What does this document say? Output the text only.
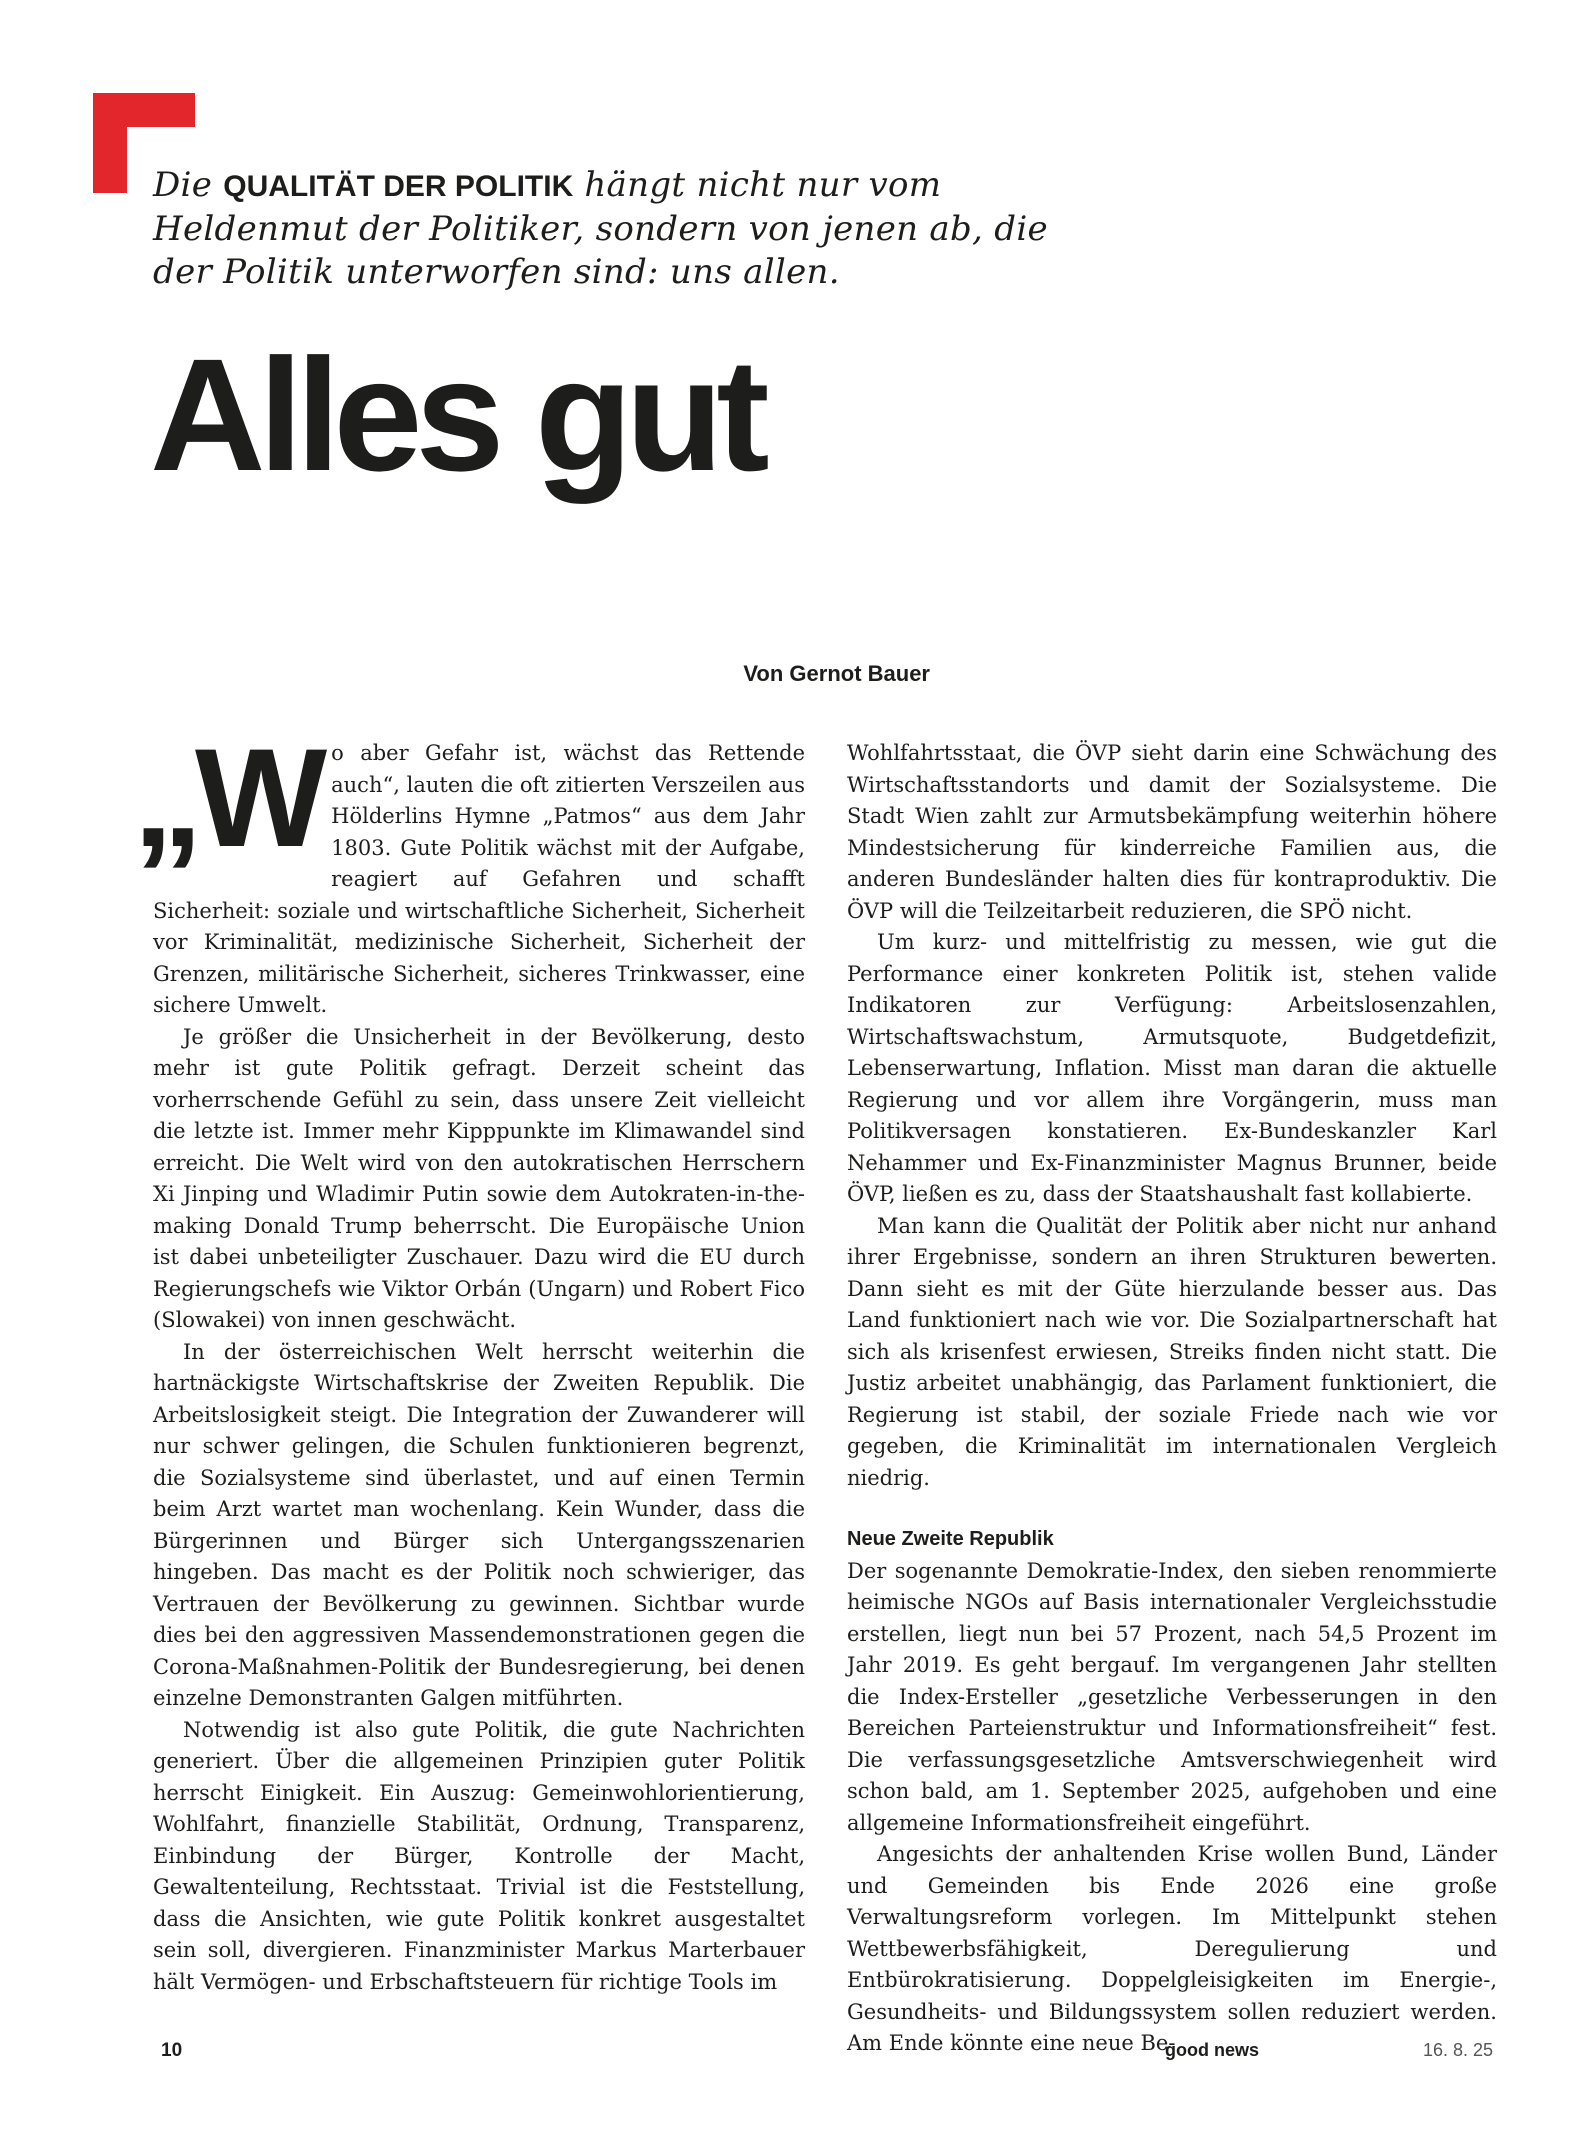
Die QUALITÄT DER POLITIK hängt nicht nur vom Heldenmut der Politiker, sondern von jenen ab, die der Politik unterworfen sind: uns allen.

Alles gut
Von Gernot Bauer

„Wo aber Gefahr ist, wächst das Rettende auch“, lauten die oft zitierten Verszeilen aus Hölderlins Hymne „Patmos“ aus dem Jahr 1803. Gute Politik wächst mit der Aufgabe, reagiert auf Gefahren und schafft Sicherheit: soziale und wirtschaftliche Sicherheit, Sicherheit vor Kriminalität, medizinische Sicherheit, Sicherheit der Grenzen, militärische Sicherheit, sicheres Trinkwasser, eine sichere Umwelt.

Je größer die Unsicherheit in der Bevölkerung, desto mehr ist gute Politik gefragt. Derzeit scheint das vorherrschende Gefühl zu sein, dass unsere Zeit vielleicht die letzte ist. Immer mehr Kipppunkte im Klimawandel sind erreicht. Die Welt wird von den autokratischen Herrschern Xi Jinping und Wladimir Putin sowie dem Autokraten-in-the-making Donald Trump beherrscht. Die Europäische Union ist dabei unbeteiligter Zuschauer. Dazu wird die EU durch Regierungschefs wie Viktor Orbán (Ungarn) und Robert Fico (Slowakei) von innen geschwächt.

In der österreichischen Welt herrscht weiterhin die hartnäckigste Wirtschaftskrise der Zweiten Republik. Die Arbeitslosigkeit steigt. Die Integration der Zuwanderer will nur schwer gelingen, die Schulen funktionieren begrenzt, die Sozialsysteme sind überlastet, und auf einen Termin beim Arzt wartet man wochenlang. Kein Wunder, dass die Bürgerinnen und Bürger sich Untergangsszenarien hingeben. Das macht es der Politik noch schwieriger, das Vertrauen der Bevölkerung zu gewinnen. Sichtbar wurde dies bei den aggressiven Massendemonstrationen gegen die Corona-Maßnahmen-Politik der Bundesregierung, bei denen einzelne Demonstranten Galgen mitführten.

Notwendig ist also gute Politik, die gute Nachrichten generiert. Über die allgemeinen Prinzipien guter Politik herrscht Einigkeit. Ein Auszug: Gemeinwohlorientierung, Wohlfahrt, finanzielle Stabilität, Ordnung, Transparenz, Einbindung der Bürger, Kontrolle der Macht, Gewaltenteilung, Rechtsstaat. Trivial ist die Feststellung, dass die Ansichten, wie gute Politik konkret ausgestaltet sein soll, divergieren. Finanzminister Markus Marterbauer hält Vermögen- und Erbschaftsteuern für richtige Tools im

Wohlfahrtsstaat, die ÖVP sieht darin eine Schwächung des Wirtschaftsstandorts und damit der Sozialsysteme. Die Stadt Wien zahlt zur Armutsbekämpfung weiterhin höhere Mindestsicherung für kinderreiche Familien aus, die anderen Bundesländer halten dies für kontraproduktiv. Die ÖVP will die Teilzeitarbeit reduzieren, die SPÖ nicht.

Um kurz- und mittelfristig zu messen, wie gut die Performance einer konkreten Politik ist, stehen valide Indikatoren zur Verfügung: Arbeitslosenzahlen, Wirtschaftswachstum, Armutsquote, Budgetdefizit, Lebenserwartung, Inflation. Misst man daran die aktuelle Regierung und vor allem ihre Vorgängerin, muss man Politikversagen konstatieren. Ex-Bundeskanzler Karl Nehammer und Ex-Finanzminister Magnus Brunner, beide ÖVP, ließen es zu, dass der Staatshaushalt fast kollabierte.

Man kann die Qualität der Politik aber nicht nur anhand ihrer Ergebnisse, sondern an ihren Strukturen bewerten. Dann sieht es mit der Güte hierzulande besser aus. Das Land funktioniert nach wie vor. Die Sozialpartnerschaft hat sich als krisenfest erwiesen, Streiks finden nicht statt. Die Justiz arbeitet unabhängig, das Parlament funktioniert, die Regierung ist stabil, der soziale Friede nach wie vor gegeben, die Kriminalität im internationalen Vergleich niedrig.

Neue Zweite Republik

Der sogenannte Demokratie-Index, den sieben renommierte heimische NGOs auf Basis internationaler Vergleichsstudie erstellen, liegt nun bei 57 Prozent, nach 54,5 Prozent im Jahr 2019. Es geht bergauf. Im vergangenen Jahr stellten die Index-Ersteller „gesetzliche Verbesserungen in den Bereichen Parteienstruktur und Informationsfreiheit“ fest. Die verfassungsgesetzliche Amtsverschwiegenheit wird schon bald, am 1. September 2025, aufgehoben und eine allgemeine Informationsfreiheit eingeführt.

Angesichts der anhaltenden Krise wollen Bund, Länder und Gemeinden bis Ende 2026 eine große Verwaltungsreform vorlegen. Im Mittelpunkt stehen Wettbewerbsfähigkeit, Deregulierung und Entbürokratisierung. Doppelgleisigkeiten im Energie-, Gesundheits- und Bildungssystem sollen reduziert werden. Am Ende könnte eine neue Be-

10	good news	16. 8. 25
